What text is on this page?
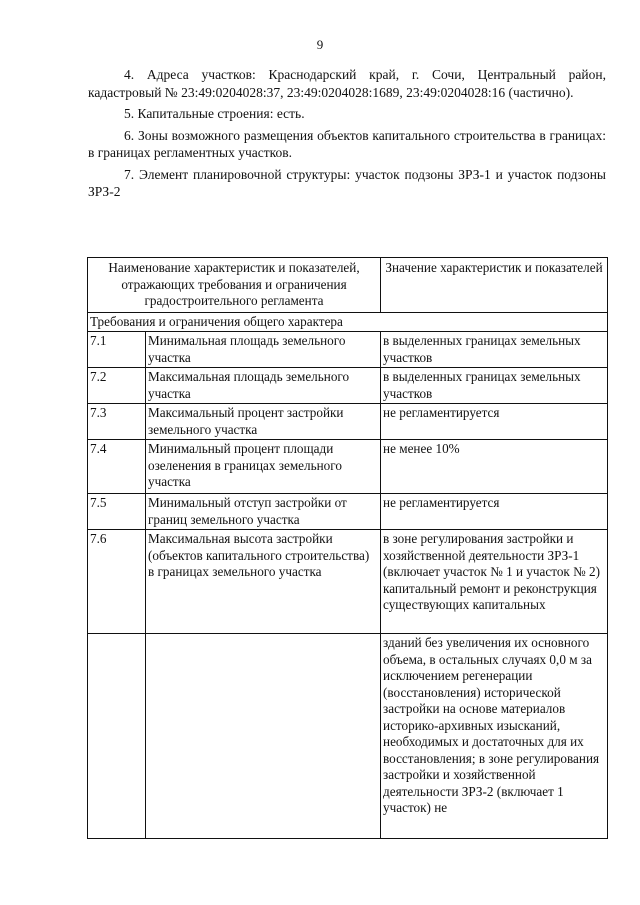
9

4. Адреса участков: Краснодарский край, г. Сочи, Центральный район, кадастровый № 23:49:0204028:37, 23:49:0204028:1689, 23:49:0204028:16 (частично).

5. Капитальные строения: есть.

6. Зоны возможного размещения объектов капитального строительства в границах: в границах регламентных участков.

7. Элемент планировочной структуры: участок подзоны ЗРЗ-1 и участок подзоны ЗРЗ-2

Наименование характеристик и показателей, отражающих требования и ограничения градостроительного регламента		Значение характеристик и показателей
Требования и ограничения общего характера		
7.1	Минимальная площадь земельного участка	в выделенных границах земельных участков
7.2	Максимальная площадь земельного участка	в выделенных границах земельных участков
7.3	Максимальный процент застройки земельного участка	не регламентируется
7.4	Минимальный процент площади озеленения в границах земельного участка	не менее 10%
7.5	Минимальный отступ застройки от границ земельного участка	не регламентируется
7.6	Максимальная высота застройки (объектов капитального строительства) в границах земельного участка	в зоне регулирования застройки и хозяйственной деятельности ЗРЗ-1 (включает участок № 1 и участок № 2) капитальный ремонт и реконструкция существующих капитальных
		зданий без увеличения их основного объема, в остальных случаях 0,0 м за исключением регенерации (восстановления) исторической застройки на основе материалов историко-архивных изысканий, необходимых и достаточных для их восстановления; в зоне регулирования застройки и хозяйственной деятельности ЗРЗ-2 (включает 1 участок) не
